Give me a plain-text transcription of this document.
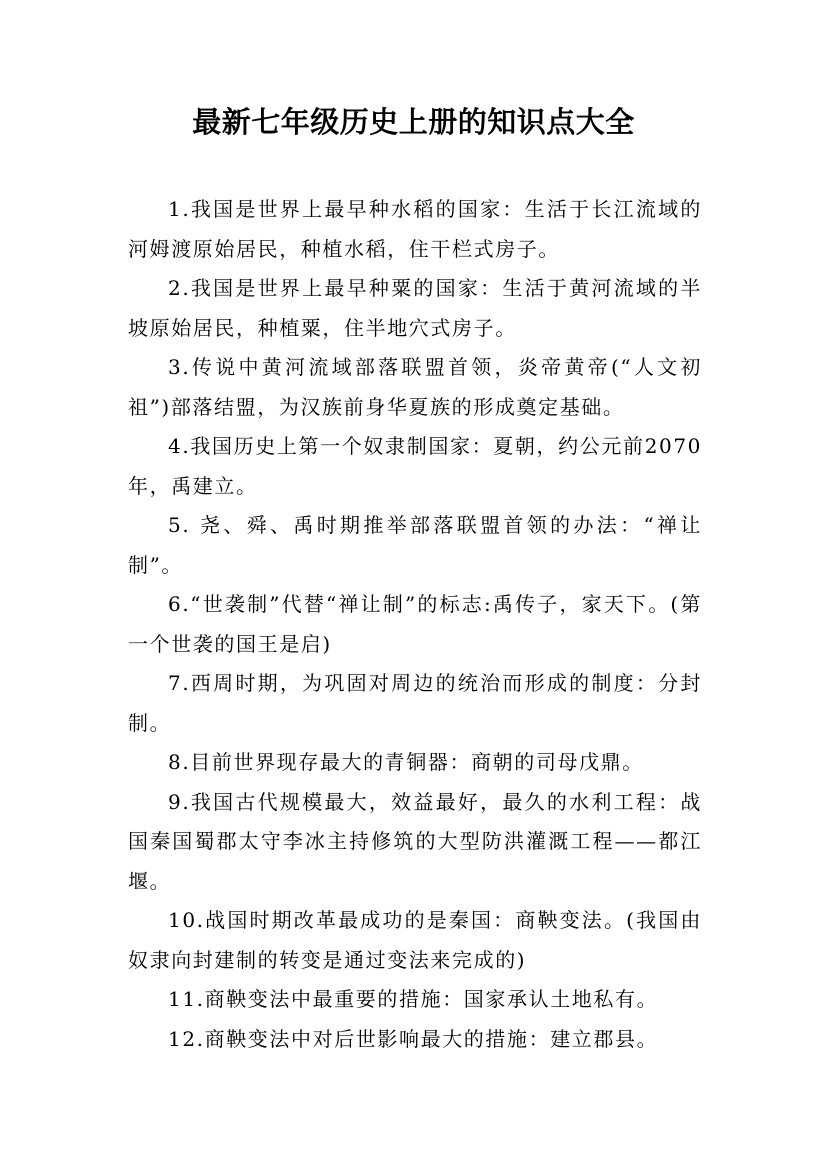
最新七年级历史上册的知识点大全

1.我国是世界上最早种水稻的国家：生活于长江流域的河姆渡原始居民，种植水稻，住干栏式房子。

2.我国是世界上最早种粟的国家：生活于黄河流域的半坡原始居民，种植粟，住半地穴式房子。

3.传说中黄河流域部落联盟首领，炎帝黄帝(“人文初祖”)部落结盟，为汉族前身华夏族的形成奠定基础。

4.我国历史上第一个奴隶制国家：夏朝，约公元前2070年，禹建立。

5. 尧、舜、禹时期推举部落联盟首领的办法：“禅让制”。

6.“世袭制”代替“禅让制”的标志:禹传子，家天下。(第一个世袭的国王是启)

7.西周时期，为巩固对周边的统治而形成的制度：分封制。

8.目前世界现存最大的青铜器：商朝的司母戊鼎。

9.我国古代规模最大，效益最好，最久的水利工程：战国秦国蜀郡太守李冰主持修筑的大型防洪灌溉工程——都江堰。

10.战国时期改革最成功的是秦国：商鞅变法。(我国由奴隶向封建制的转变是通过变法来完成的)

11.商鞅变法中最重要的措施：国家承认土地私有。

12.商鞅变法中对后世影响最大的措施：建立郡县。
